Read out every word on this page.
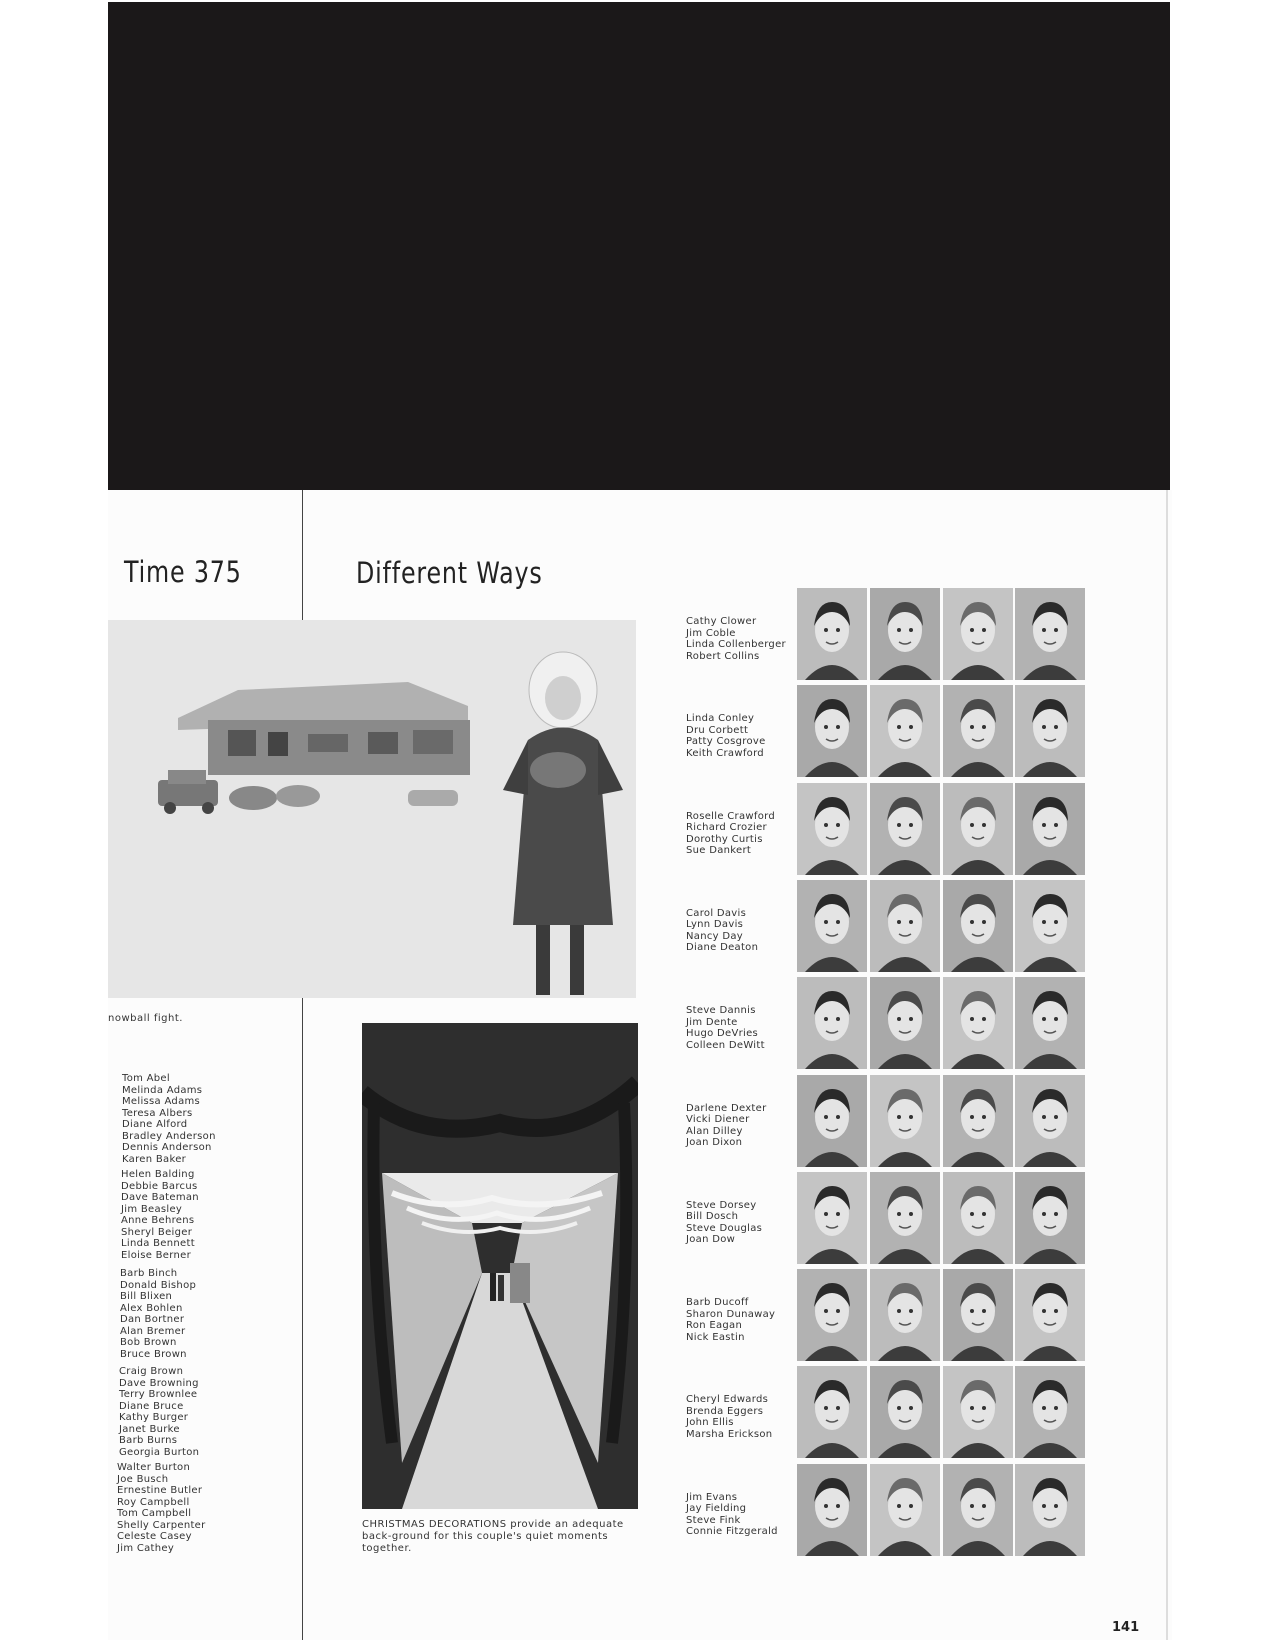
Time 375	Different Ways
nowball fight.
CHRISTMAS DECORATIONS provide an adequate back-ground for this couple's quiet moments together.
Tom Abel
Melinda Adams
Melissa Adams
Teresa Albers
Diane Alford
Bradley Anderson
Dennis Anderson
Karen Baker
Helen Balding
Debbie Barcus
Dave Bateman
Jim Beasley
Anne Behrens
Sheryl Beiger
Linda Bennett
Eloise Berner
Barb Binch
Donald Bishop
Bill Blixen
Alex Bohlen
Dan Bortner
Alan Bremer
Bob Brown
Bruce Brown
Craig Brown
Dave Browning
Terry Brownlee
Diane Bruce
Kathy Burger
Janet Burke
Barb Burns
Georgia Burton
Walter Burton
Joe Busch
Ernestine Butler
Roy Campbell
Tom Campbell
Shelly Carpenter
Celeste Casey
Jim Cathey
Cathy Clower
Jim Coble
Linda Collenberger
Robert Collins
Linda Conley
Dru Corbett
Patty Cosgrove
Keith Crawford
Roselle Crawford
Richard Crozier
Dorothy Curtis
Sue Dankert
Carol Davis
Lynn Davis
Nancy Day
Diane Deaton
Steve Dannis
Jim Dente
Hugo DeVries
Colleen DeWitt
Darlene Dexter
Vicki Diener
Alan Dilley
Joan Dixon
Steve Dorsey
Bill Dosch
Steve Douglas
Joan Dow
Barb Ducoff
Sharon Dunaway
Ron Eagan
Nick Eastin
Cheryl Edwards
Brenda Eggers
John Ellis
Marsha Erickson
Jim Evans
Jay Fielding
Steve Fink
Connie Fitzgerald
141
